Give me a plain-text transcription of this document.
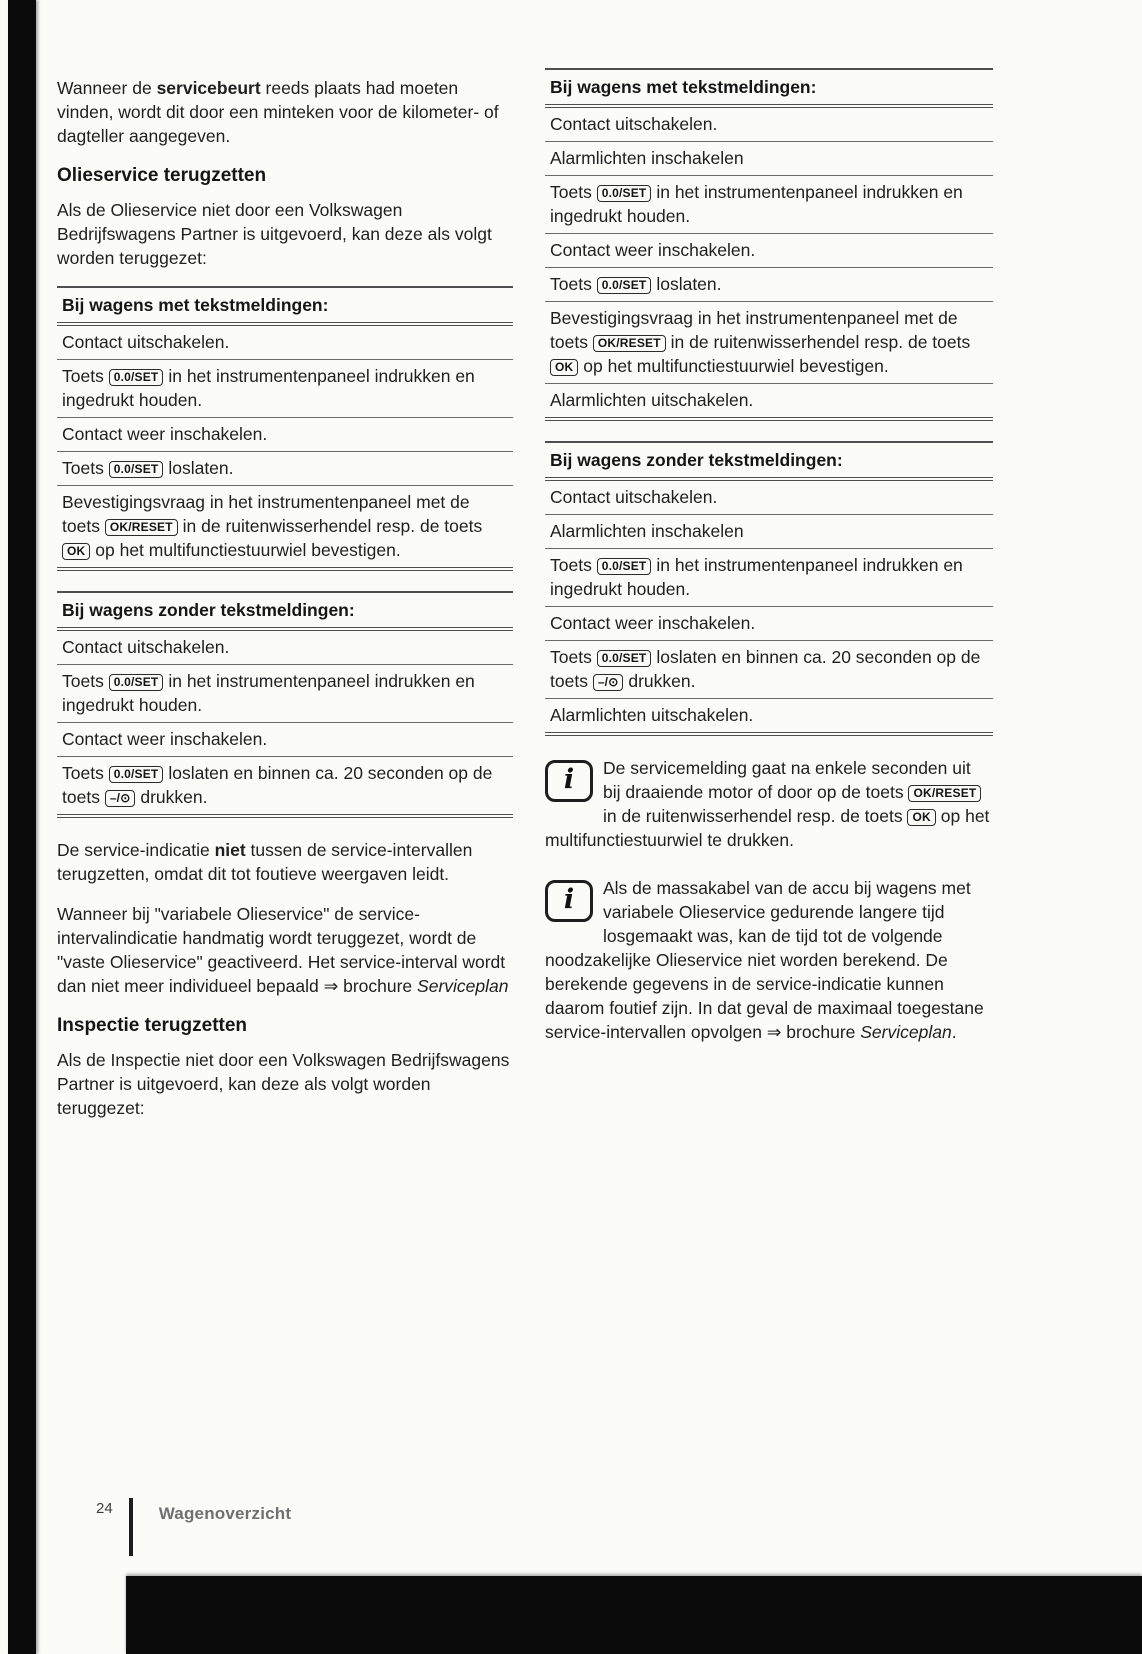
Wanneer de servicebeurt reeds plaats had moeten vinden, wordt dit door een minteken voor de kilometer- of dagteller aangegeven.

Olieservice terugzetten

Als de Olieservice niet door een Volkswagen Bedrijfswagens Partner is uitgevoerd, kan deze als volgt worden teruggezet:

Bij wagens met tekstmeldingen:
Contact uitschakelen.
Toets 0.0/SET in het instrumentenpaneel indrukken en ingedrukt houden.
Contact weer inschakelen.
Toets 0.0/SET loslaten.
Bevestigingsvraag in het instrumentenpaneel met de toets OK/RESET in de ruitenwisserhendel resp. de toets OK op het multifunctiestuurwiel bevestigen.
Bij wagens zonder tekstmeldingen:
Contact uitschakelen.
Toets 0.0/SET in het instrumentenpaneel indrukken en ingedrukt houden.
Contact weer inschakelen.
Toets 0.0/SET loslaten en binnen ca. 20 seconden op de toets –/⊙ drukken.

De service-indicatie niet tussen de service-intervallen terugzetten, omdat dit tot foutieve weergaven leidt.

Wanneer bij "variabele Olieservice" de service-intervalindicatie handmatig wordt teruggezet, wordt de "vaste Olieservice" geactiveerd. Het service-interval wordt dan niet meer individueel bepaald ⇒ brochure Serviceplan

Inspectie terugzetten

Als de Inspectie niet door een Volkswagen Bedrijfswagens Partner is uitgevoerd, kan deze als volgt worden teruggezet:

Bij wagens met tekstmeldingen:
Contact uitschakelen.
Alarmlichten inschakelen
Toets 0.0/SET in het instrumentenpaneel indrukken en ingedrukt houden.
Contact weer inschakelen.
Toets 0.0/SET loslaten.
Bevestigingsvraag in het instrumentenpaneel met de toets OK/RESET in de ruitenwisserhendel resp. de toets OK op het multifunctiestuurwiel bevestigen.
Alarmlichten uitschakelen.
Bij wagens zonder tekstmeldingen:
Contact uitschakelen.
Alarmlichten inschakelen
Toets 0.0/SET in het instrumentenpaneel indrukken en ingedrukt houden.
Contact weer inschakelen.
Toets 0.0/SET loslaten en binnen ca. 20 seconden op de toets –/⊙ drukken.
Alarmlichten uitschakelen.
i	De servicemelding gaat na enkele seconden uit bij draaiende motor of door op de toets OK/RESET in de ruitenwisserhendel resp. de toets OK op het multifunctiestuurwiel te drukken.
i	Als de massakabel van de accu bij wagens met variabele Olieservice gedurende langere tijd losgemaakt was, kan de tijd tot de volgende noodzakelijke Olieservice niet worden berekend. De berekende gegevens in de service-indicatie kunnen daarom foutief zijn. In dat geval de maximaal toegestane service-intervallen opvolgen ⇒ brochure Serviceplan.
24	Wagenoverzicht
